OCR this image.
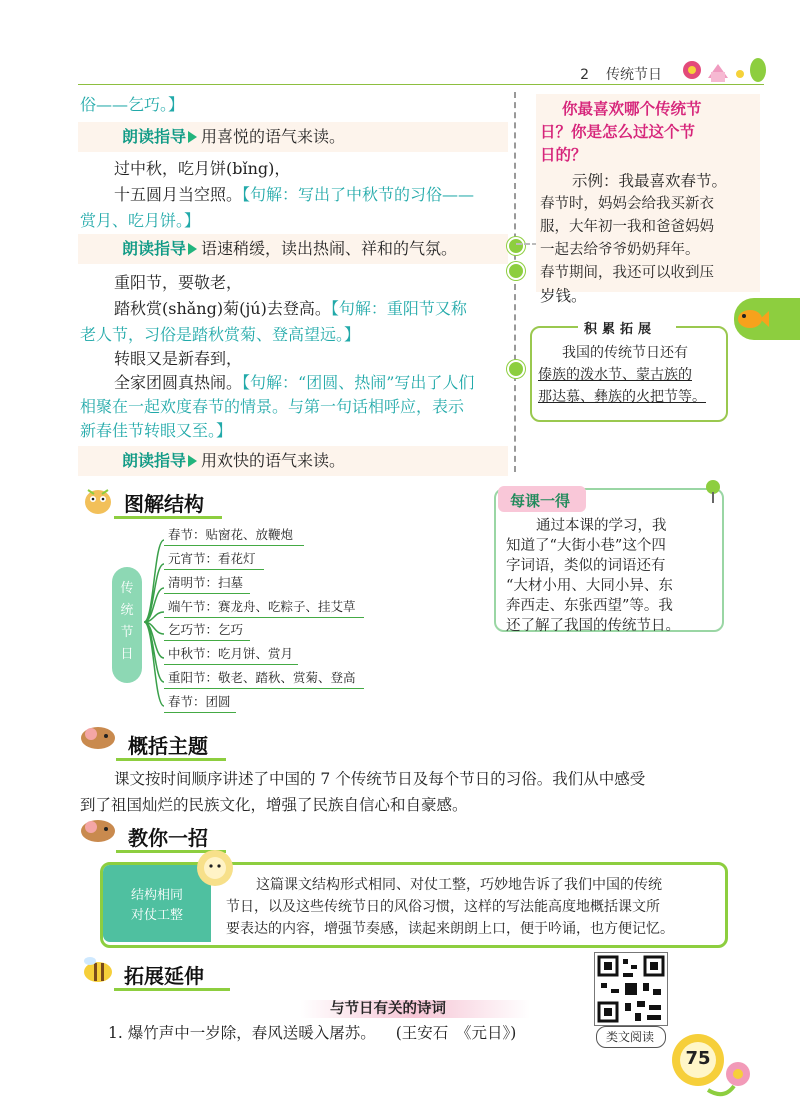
2 传统节日
俗——乞巧。】
朗读指导 用喜悦的语气来读。
过中秋，吃月饼(bǐng)，
十五圆月当空照。【句解：写出了中秋节的习俗——
赏月、吃月饼。】
朗读指导 语速稍缓，读出热闹、祥和的气氛。
重阳节，要敬老，
踏秋赏(shǎng)菊(jú)去登高。【句解：重阳节又称
老人节，习俗是踏秋赏菊、登高望远。】
转眼又是新春到，
全家团圆真热闹。【句解：“团圆、热闹”写出了人们
相聚在一起欢度春节的情景。与第一句话相呼应，表示
新春佳节转眼又至。】
朗读指导 用欢快的语气来读。
你最喜欢哪个传统节
日？你是怎么过这个节
日的？
示例：我最喜欢春节。
春节时，妈妈会给我买新衣
服，大年初一我和爸爸妈妈
一起去给爷爷奶奶拜年。
春节期间，我还可以收到压
岁钱。
积累拓展
我国的传统节日还有
傣族的泼水节、蒙古族的
那达慕、彝族的火把节等。
图解结构
传统节日
春节：贴窗花、放鞭炮
元宵节：看花灯
清明节：扫墓
端午节：赛龙舟、吃粽子、挂艾草
乞巧节：乞巧
中秋节：吃月饼、赏月
重阳节：敬老、踏秋、赏菊、登高
春节：团圆
每课一得
通过本课的学习，我
知道了“大街小巷”这个四
字词语，类似的词语还有
“大材小用、大同小异、东
奔西走、东张西望”等。我
还了解了我国的传统节日。
概括主题
课文按时间顺序讲述了中国的 7 个传统节日及每个节日的习俗。我们从中感受
到了祖国灿烂的民族文化，增强了民族自信心和自豪感。
教你一招
结构相同
对仗工整
这篇课文结构形式相同、对仗工整，巧妙地告诉了我们中国的传统
节日，以及这些传统节日的风俗习惯，这样的写法能高度地概括课文所
要表达的内容，增强节奏感，读起来朗朗上口，便于吟诵，也方便记忆。
拓展延伸
与节日有关的诗词
1. 爆竹声中一岁除，春风送暖入屠苏。 (王安石　《元日》)	类文阅读
75
